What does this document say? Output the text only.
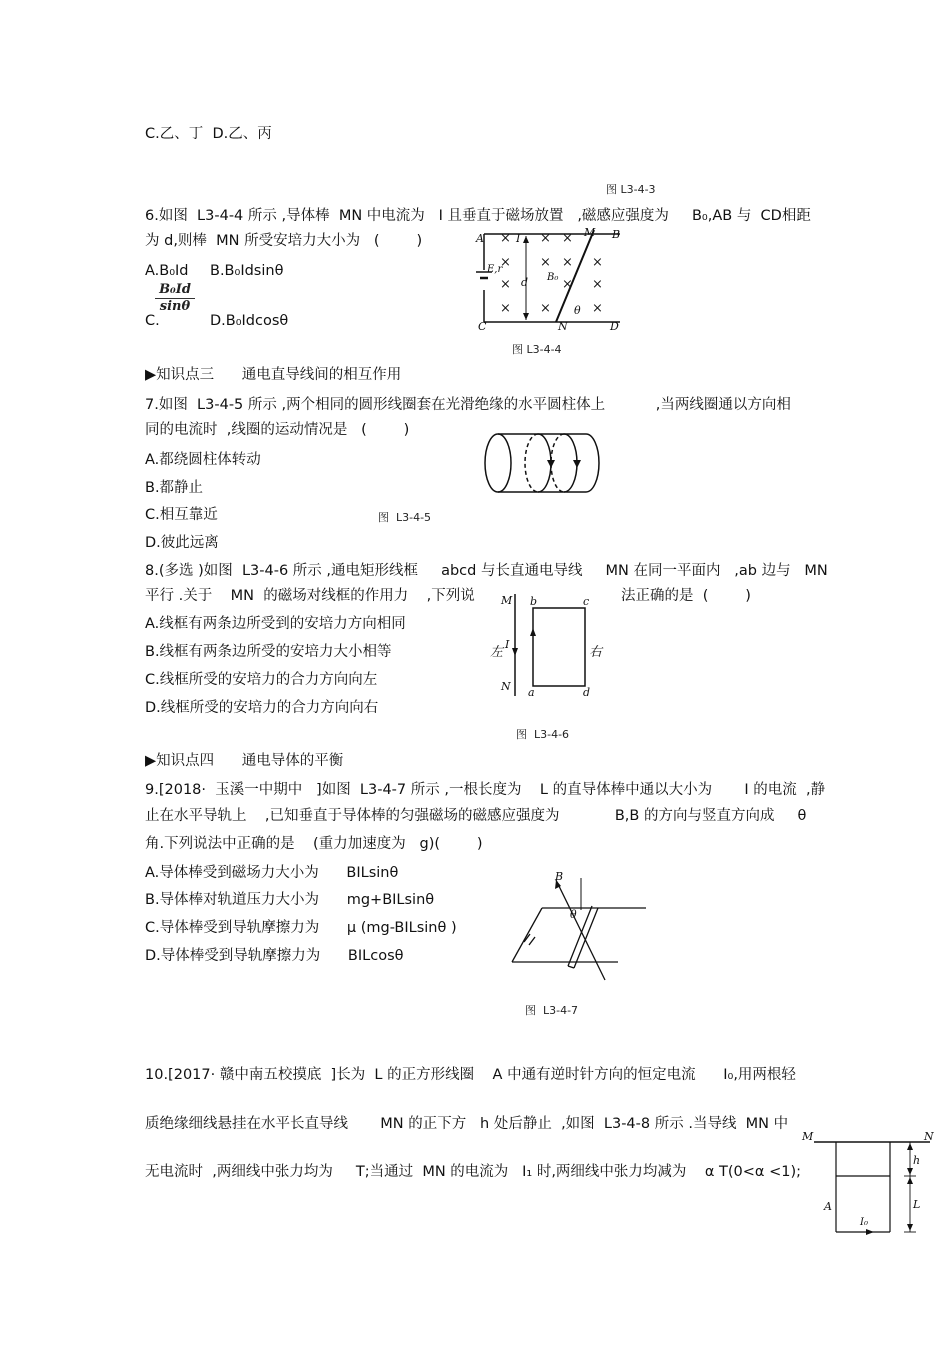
C.乙、丁  D.乙、丙
图 L3-4-3
6.如图  L3-4-4 所示 ,导体棒  MN 中电流为   I 且垂直于磁场放置   ,磁感应强度为     B₀,AB 与  CD相距
为 d,则棒  MN 所受安培力大小为   (        )
A.B₀Id B.B₀Idsinθ
C.
$\frac{\text{B₀Id}}{\sin\theta}$
D.B₀Idcosθ
× × ×
× × × ×
×	× ×
× ×	×
A	B
M
I
d
E,r
B₀
θ
C	N	D
图 L3-4-4
▶知识点三      通电直导线间的相互作用
7.如图  L3-4-5 所示 ,两个相同的圆形线圈套在光滑绝缘的水平圆柱体上           ,当两线圈通以方向相
同的电流时  ,线圈的运动情况是   (        )
A.都绕圆柱体转动
B.都静止
C.相互靠近
D.彼此远离
图  L3-4-5
8.(多选 )如图  L3-4-6 所示 ,通电矩形线框     abcd 与长直通电导线     MN 在同一平面内   ,ab 边与   MN
平行 .关于    MN  的磁场对线框的作用力    ,下列说	法正确的是  (        )
A.线框有两条边所受到的安培力方向相同
B.线框有两条边所受的安培力大小相等
C.线框所受的安培力的合力方向向左
D.线框所受的安培力的合力方向向右
M
N
I
b	c
a	d
左	右
图  L3-4-6
▶知识点四      通电导体的平衡
9.[2018·  玉溪一中期中   ]如图  L3-4-7 所示 ,一根长度为    L 的直导体棒中通以大小为       I 的电流  ,静
止在水平导轨上    ,已知垂直于导体棒的匀强磁场的磁感应强度为            B,B 的方向与竖直方向成     θ
角.下列说法中正确的是    (重力加速度为   g)(        )
A.导体棒受到磁场力大小为      BILsinθ
B.导体棒对轨道压力大小为      mg+BILsinθ
C.导体棒受到导轨摩擦力为      μ (mg-BILsinθ )
D.导体棒受到导轨摩擦力为      BILcosθ
B
θ
图  L3-4-7
10.[2017· 赣中南五校摸底  ]长为  L 的正方形线圈    A 中通有逆时针方向的恒定电流      I₀,用两根轻
质绝缘细线悬挂在水平长直导线       MN 的正下方   h 处后静止  ,如图  L3-4-8 所示 .当导线  MN 中
无电流时  ,两细线中张力均为     T;当通过  MN 的电流为   I₁ 时,两细线中张力均减为    α T(0<α <1);
M	N
h
L
A
I₀
